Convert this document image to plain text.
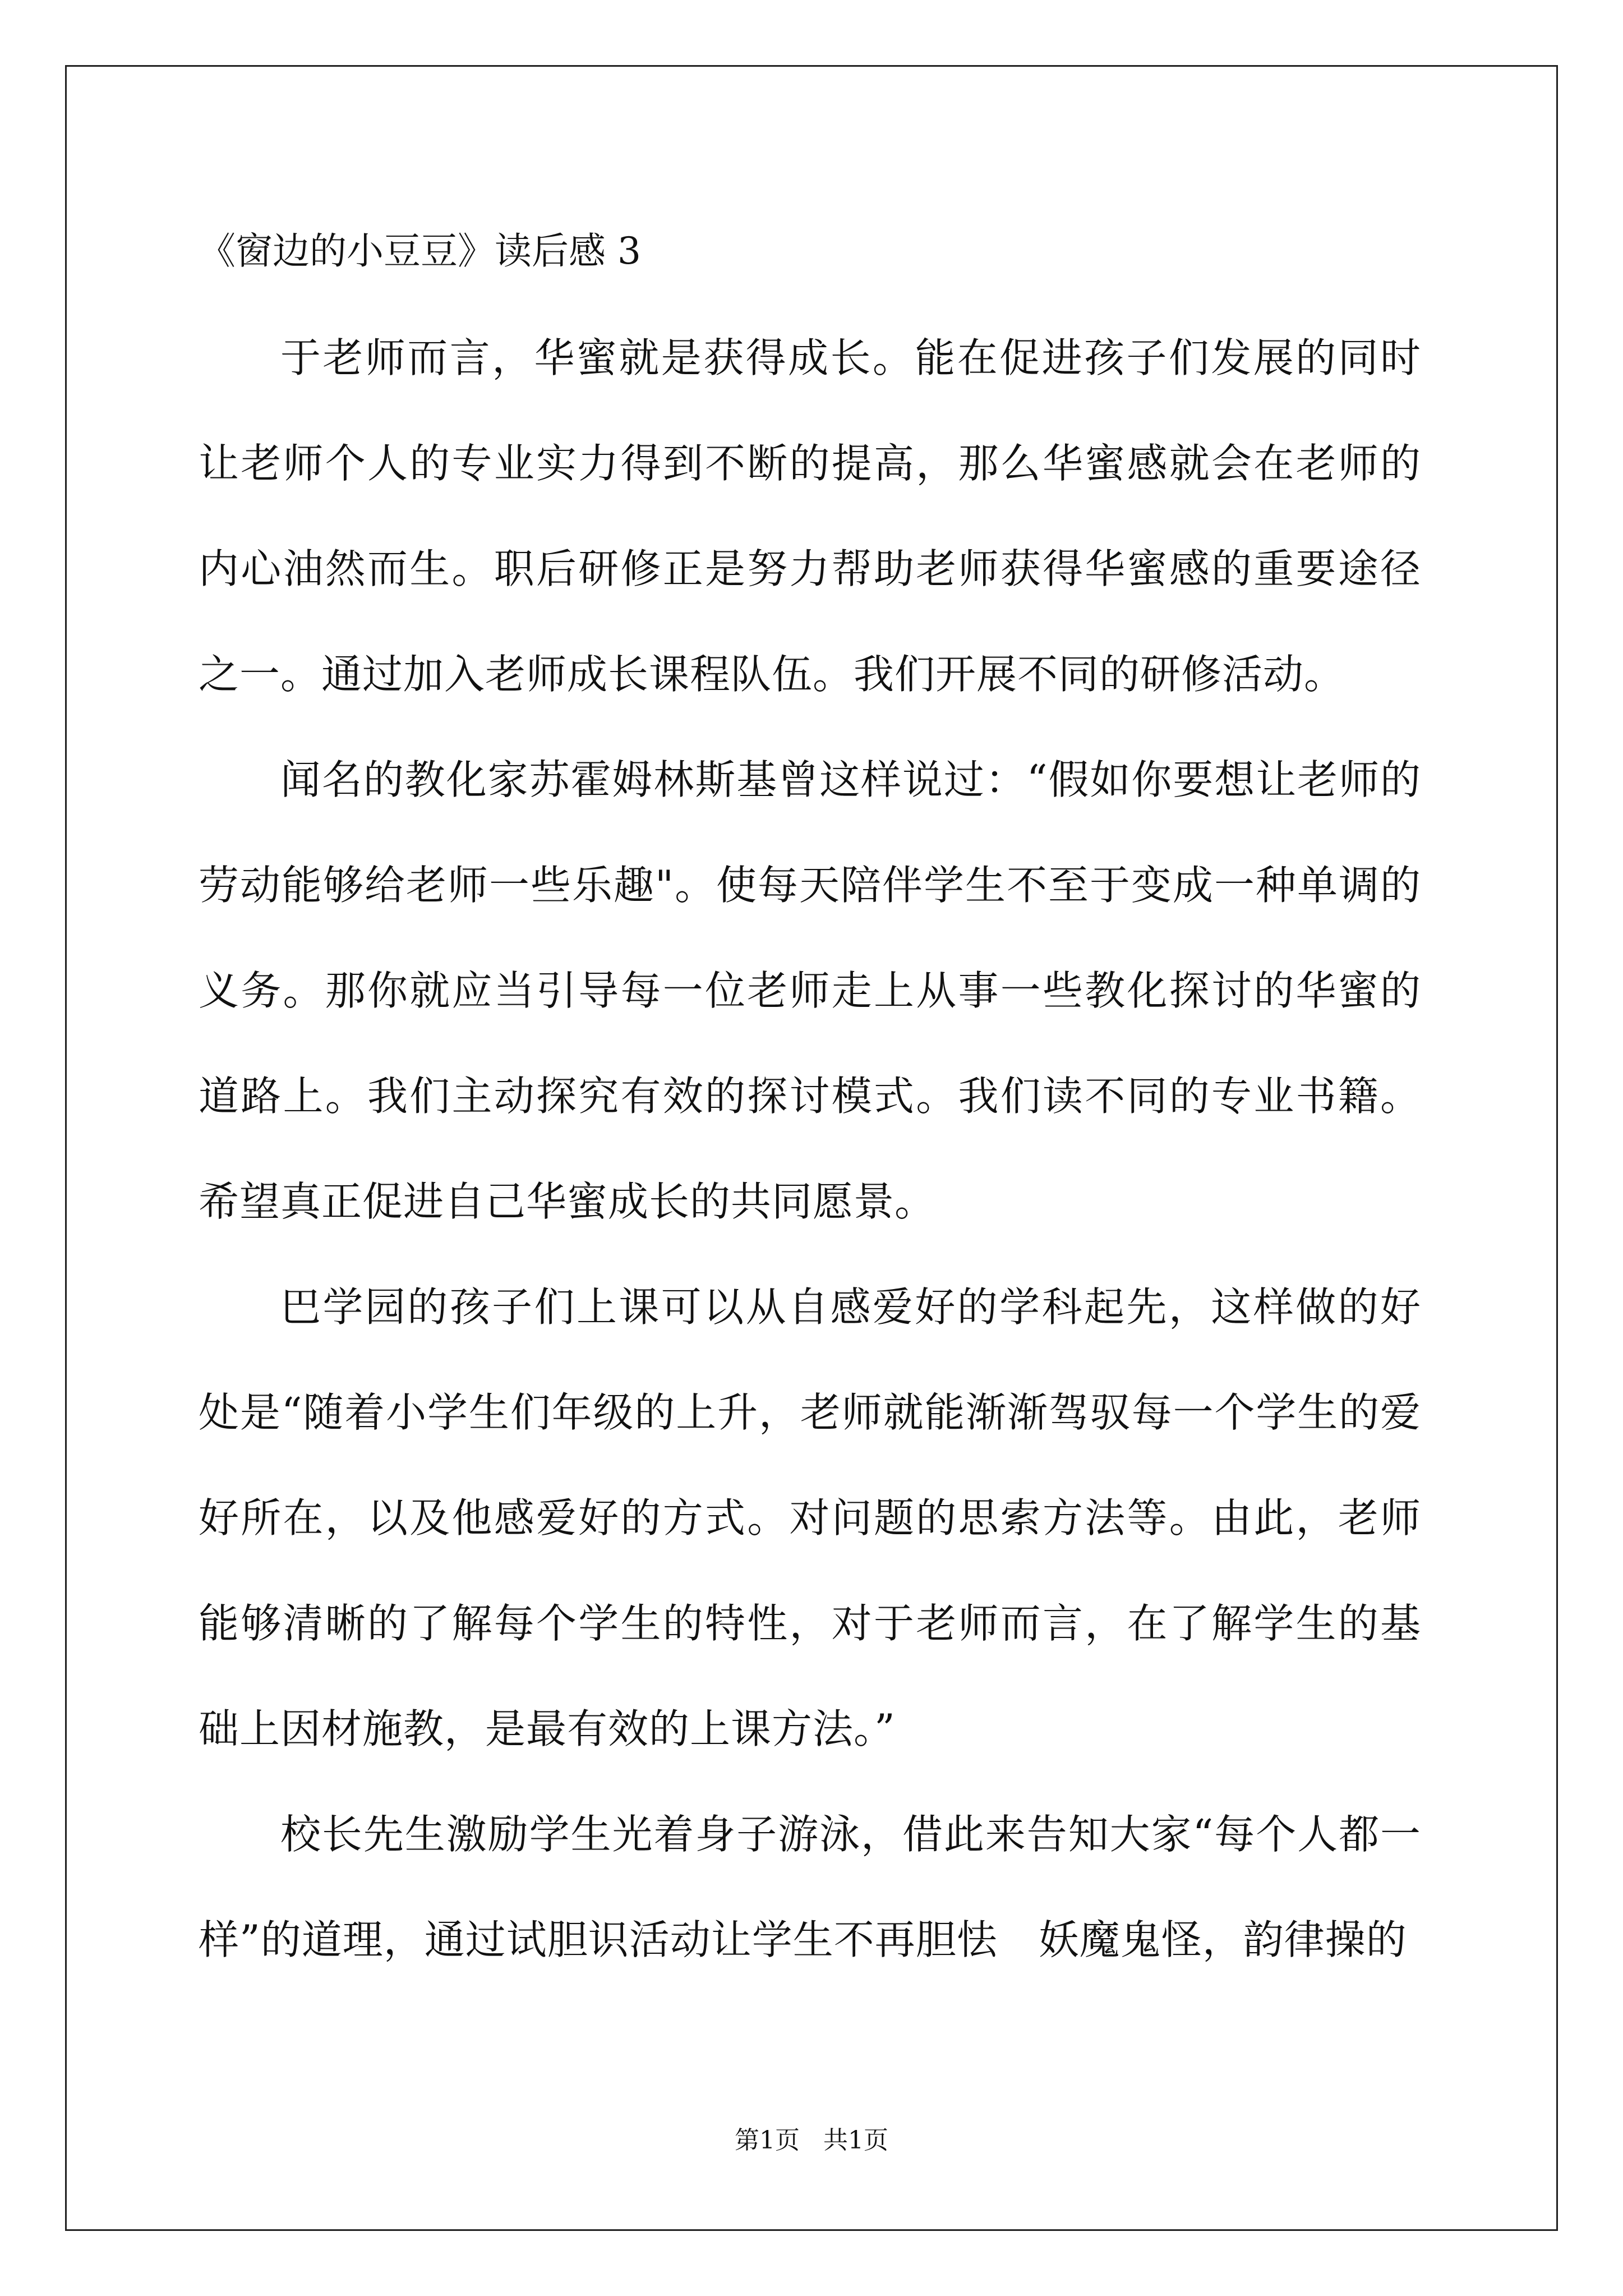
《窗边的小豆豆》读后感 3

于老师而言，华蜜就是获得成长。能在促进孩子们发展的同时让老师个人的专业实力得到不断的提高，那么华蜜感就会在老师的内心油然而生。职后研修正是努力帮助老师获得华蜜感的重要途径之一。通过加入老师成长课程队伍。我们开展不同的研修活动。

闻名的教化家苏霍姆林斯基曾这样说过：“假如你要想让老师的劳动能够给老师一些乐趣"。使每天陪伴学生不至于变成一种单调的义务。那你就应当引导每一位老师走上从事一些教化探讨的华蜜的道路上。我们主动探究有效的探讨模式。我们读不同的专业书籍。希望真正促进自己华蜜成长的共同愿景。

巴学园的孩子们上课可以从自感爱好的学科起先，这样做的好处是“随着小学生们年级的上升，老师就能渐渐驾驭每一个学生的爱好所在，以及他感爱好的方式。对问题的思索方法等。由此，老师能够清晰的了解每个学生的特性，对于老师而言，在了解学生的基础上因材施教，是最有效的上课方法。”

校长先生激励学生光着身子游泳，借此来告知大家“每个人都一样”的道理，通过试胆识活动让学生不再胆怯　妖魔鬼怪，韵律操的

第1页 共1页
